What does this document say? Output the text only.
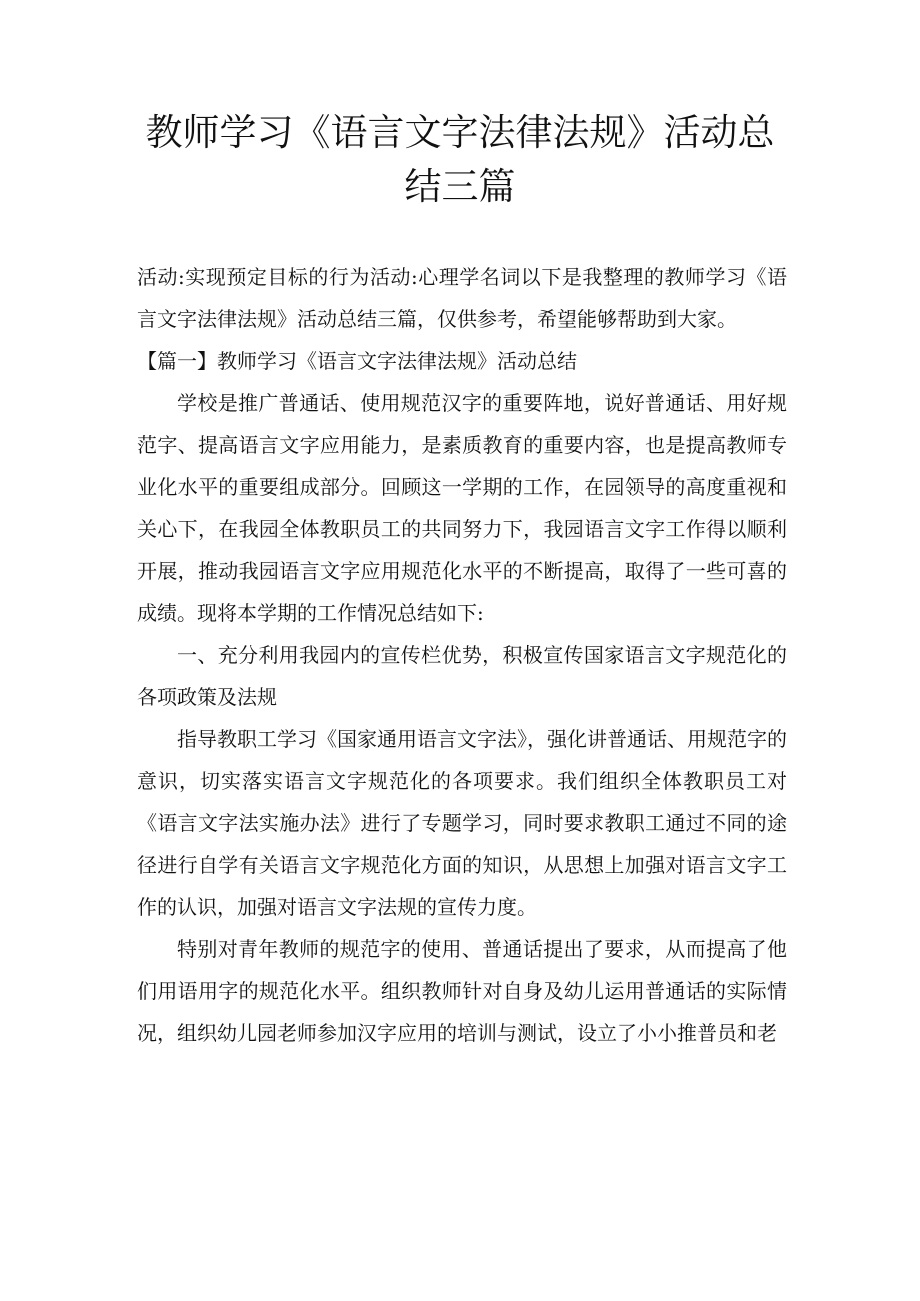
教师学习《语言文字法律法规》活动总结三篇

活动:实现预定目标的行为活动:心理学名词以下是我整理的教师学习《语言文字法律法规》活动总结三篇，仅供参考，希望能够帮助到大家。

【篇一】教师学习《语言文字法律法规》活动总结

学校是推广普通话、使用规范汉字的重要阵地，说好普通话、用好规范字、提高语言文字应用能力，是素质教育的重要内容，也是提高教师专业化水平的重要组成部分。回顾这一学期的工作，在园领导的高度重视和关心下，在我园全体教职员工的共同努力下，我园语言文字工作得以顺利开展，推动我园语言文字应用规范化水平的不断提高，取得了一些可喜的成绩。现将本学期的工作情况总结如下:

一、充分利用我园内的宣传栏优势，积极宣传国家语言文字规范化的各项政策及法规

指导教职工学习《国家通用语言文字法》，强化讲普通话、用规范字的意识，切实落实语言文字规范化的各项要求。我们组织全体教职员工对《语言文字法实施办法》进行了专题学习，同时要求教职工通过不同的途径进行自学有关语言文字规范化方面的知识，从思想上加强对语言文字工作的认识，加强对语言文字法规的宣传力度。

特别对青年教师的规范字的使用、普通话提出了要求，从而提高了他们用语用字的规范化水平。组织教师针对自身及幼儿运用普通话的实际情况，组织幼儿园老师参加汉字应用的培训与测试，设立了小小推普员和老
